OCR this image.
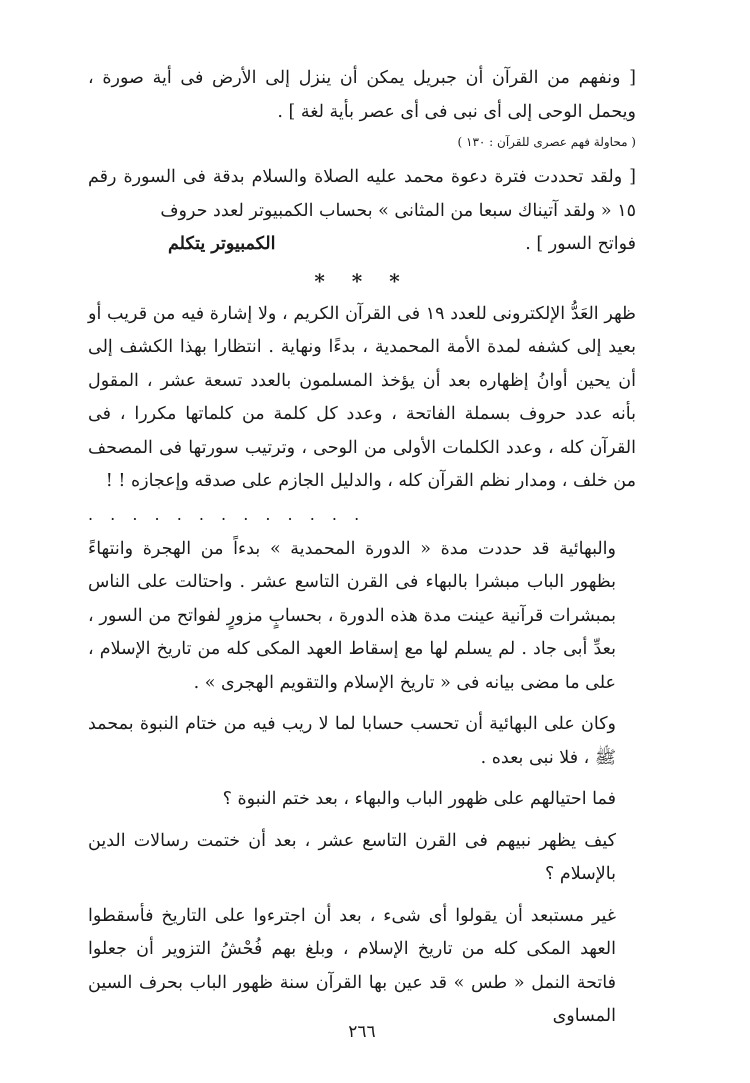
[ ونفهم من القرآن أن جبريل يمكن أن ينزل إلى الأرض فى أية صورة ، ويحمل الوحى إلى أى نبى فى أى عصر بأية لغة ] .

( محاولة فهم عصرى للقرآن : ١٣٠ )

[ ولقد تحددت فترة دعوة محمد عليه الصلاة والسلام بدقة فى السورة رقم ١٥ « ولقد آتيناك سبعا من المثانى » بحساب الكمبيوتر لعدد حروف

فواتح السور ] .
الكمبيوتر يتكلم
* * *

ظهر العَدُّ الإلكترونى للعدد ١٩ فى القرآن الكريم ، ولا إشارة فيه من قريب أو بعيد إلى كشفه لمدة الأمة المحمدية ، بدءًا ونهاية . انتظارا بهذا الكشف إلى أن يحين أوانُ إظهاره بعد أن يؤخذ المسلمون بالعدد تسعة عشر ، المقول بأنه عدد حروف بسملة الفاتحة ، وعدد كل كلمة من كلماتها مكررا ، فى القرآن كله ، وعدد الكلمات الأولى من الوحى ، وترتيب سورتها فى المصحف من خلف ، ومدار نظم القرآن كله ، والدليل الجازم على صدقه وإعجازه ! !

. . . . . . . . . . . . .

والبهائية قد حددت مدة « الدورة المحمدية » بدءاً من الهجرة وانتهاءً بظهور الباب مبشرا بالبهاء فى القرن التاسع عشر . واحتالت على الناس بمبشرات قرآنية عينت مدة هذه الدورة ، بحسابٍ مزورٍ لفواتح من السور ، بعدِّ أبى جاد . لم يسلم لها مع إسقاط العهد المكى كله من تاريخ الإسلام ، على ما مضى بيانه فى « تاريخ الإسلام والتقويم الهجرى » .

وكان على البهائية أن تحسب حسابا لما لا ريب فيه من ختام النبوة بمحمد ﷺ ، فلا نبى بعده .

فما احتيالهم على ظهور الباب والبهاء ، بعد ختم النبوة ؟

كيف يظهر نبيهم فى القرن التاسع عشر ، بعد أن ختمت رسالات الدين بالإسلام ؟

غير مستبعد أن يقولوا أى شىء ، بعد أن اجترءوا على التاريخ فأسقطوا العهد المكى كله من تاريخ الإسلام ، وبلغ بهم فُحْشُ التزوير أن جعلوا فاتحة النمل « طس » قد عين بها القرآن سنة ظهور الباب بحرف السين المساوى

٢٦٦
